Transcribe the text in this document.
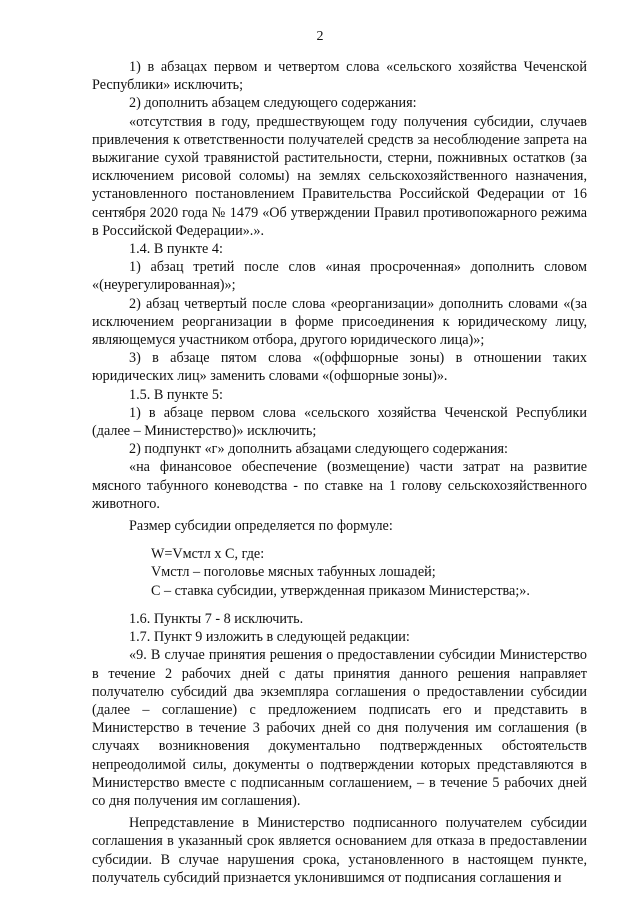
2

1) в абзацах первом и четвертом слова «сельского хозяйства Чеченской Республики» исключить;

2) дополнить абзацем следующего содержания:

«отсутствия в году, предшествующем году получения субсидии, случаев привлечения к ответственности получателей средств за несоблюдение запрета на выжигание сухой травянистой растительности, стерни, пожнивных остатков (за исключением рисовой соломы) на землях сельскохозяйственного назначения, установленного постановлением Правительства Российской Федерации от 16 сентября 2020 года № 1479 «Об утверждении Правил противопожарного режима в Российской Федерации».».

1.4. В пункте 4:

1) абзац третий после слов «иная просроченная» дополнить словом «(неурегулированная)»;

2) абзац четвертый после слова «реорганизации» дополнить словами «(за исключением реорганизации в форме присоединения к юридическому лицу, являющемуся участником отбора, другого юридического лица)»;

3) в абзаце пятом слова «(оффшорные зоны) в отношении таких юридических лиц» заменить словами «(офшорные зоны)».

1.5. В пункте 5:

1) в абзаце первом слова «сельского хозяйства Чеченской Республики (далее – Министерство)» исключить;

2) подпункт «г» дополнить абзацами следующего содержания:

«на финансовое обеспечение (возмещение) части затрат на развитие мясного табунного коневодства - по ставке на 1 голову сельскохозяйственного животного.

Размер субсидии определяется по формуле:

W=Vмстл х С, где:

Vмстл – поголовье мясных табунных лошадей;

С – ставка субсидии, утвержденная приказом Министерства;».

1.6. Пункты 7 - 8 исключить.

1.7. Пункт 9 изложить в следующей редакции:

«9. В случае принятия решения о предоставлении субсидии Министерство в течение 2 рабочих дней с даты принятия данного решения направляет получателю субсидий два экземпляра соглашения о предоставлении субсидии (далее – соглашение) с предложением подписать его и представить в Министерство в течение 3 рабочих дней со дня получения им соглашения (в случаях возникновения документально подтвержденных обстоятельств непреодолимой силы, документы о подтверждении которых представляются в Министерство вместе с подписанным соглашением, – в течение 5 рабочих дней со дня получения им соглашения).

Непредставление в Министерство подписанного получателем субсидии соглашения в указанный срок является основанием для отказа в предоставлении субсидии. В случае нарушения срока, установленного в настоящем пункте, получатель субсидий признается уклонившимся от подписания соглашения и
